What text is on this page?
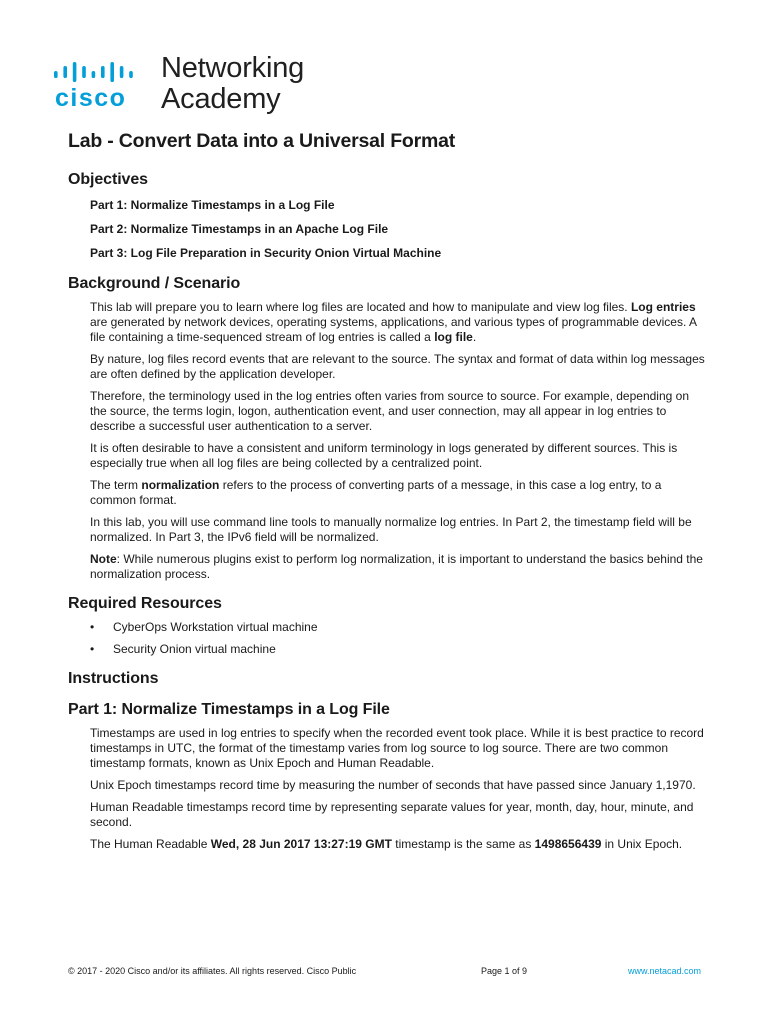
cisco
Networking
Academy
Lab - Convert Data into a Universal Format
Objectives

Part 1: Normalize Timestamps in a Log File

Part 2: Normalize Timestamps in an Apache Log File

Part 3: Log File Preparation in Security Onion Virtual Machine

Background / Scenario

This lab will prepare you to learn where log files are located and how to manipulate and view log files. Log entries are generated by network devices, operating systems, applications, and various types of programmable devices. A file containing a time-sequenced stream of log entries is called a log file.

By nature, log files record events that are relevant to the source. The syntax and format of data within log messages are often defined by the application developer.

Therefore, the terminology used in the log entries often varies from source to source. For example, depending on the source, the terms login, logon, authentication event, and user connection, may all appear in log entries to describe a successful user authentication to a server.

It is often desirable to have a consistent and uniform terminology in logs generated by different sources. This is especially true when all log files are being collected by a centralized point.

The term normalization refers to the process of converting parts of a message, in this case a log entry, to a common format.

In this lab, you will use command line tools to manually normalize log entries. In Part 2, the timestamp field will be normalized. In Part 3, the IPv6 field will be normalized.

Note: While numerous plugins exist to perform log normalization, it is important to understand the basics behind the normalization process.

Required Resources
• CyberOps Workstation virtual machine
• Security Onion virtual machine
Instructions
Part 1: Normalize Timestamps in a Log File

Timestamps are used in log entries to specify when the recorded event took place. While it is best practice to record timestamps in UTC, the format of the timestamp varies from log source to log source. There are two common timestamp formats, known as Unix Epoch and Human Readable.

Unix Epoch timestamps record time by measuring the number of seconds that have passed since January 1,1970.

Human Readable timestamps record time by representing separate values for year, month, day, hour, minute, and second.

The Human Readable Wed, 28 Jun 2017 13:27:19 GMT timestamp is the same as 1498656439 in Unix Epoch.

© 2017 - 2020 Cisco and/or its affiliates. All rights reserved. Cisco Public	Page 1 of 9	www.netacad.com
